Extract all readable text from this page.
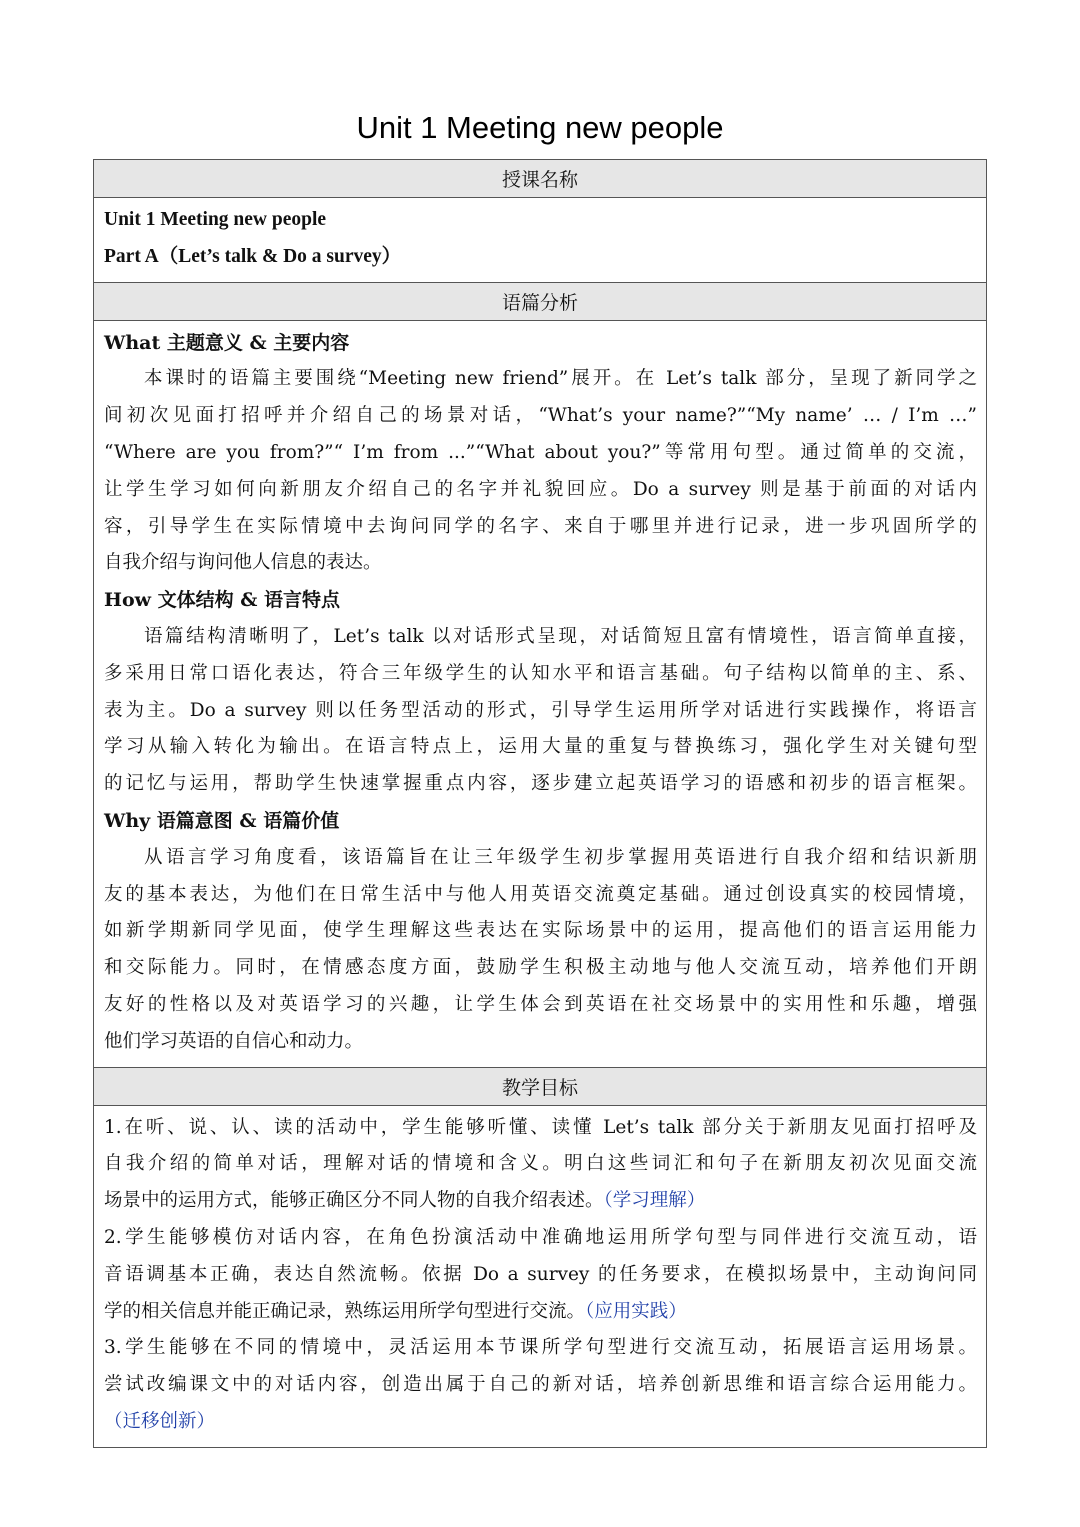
Unit 1 Meeting new people
授课名称

Unit 1 Meeting new people
Part A（Let’s talk & Do a survey）

语篇分析

What 主题意义 & 主要内容
本课时的语篇主要围绕“Meeting new friend”展开。在 Let’s talk 部分，呈现了新同学之
间初次见面打招呼并介绍自己的场景对话，“What’s your name?”“My name’ … / I’m …”
“Where are you from?”“ I’m from ...”“What about you?”等常用句型。通过简单的交流，
让学生学习如何向新朋友介绍自己的名字并礼貌回应。Do a survey 则是基于前面的对话内
容，引导学生在实际情境中去询问同学的名字、来自于哪里并进行记录，进一步巩固所学的
自我介绍与询问他人信息的表达。
How 文体结构 & 语言特点
语篇结构清晰明了，Let’s talk 以对话形式呈现，对话简短且富有情境性，语言简单直接，
多采用日常口语化表达，符合三年级学生的认知水平和语言基础。句子结构以简单的主、系、
表为主。Do a survey 则以任务型活动的形式，引导学生运用所学对话进行实践操作，将语言
学习从输入转化为输出。在语言特点上，运用大量的重复与替换练习，强化学生对关键句型
的记忆与运用，帮助学生快速掌握重点内容，逐步建立起英语学习的语感和初步的语言框架。
Why 语篇意图 & 语篇价值
从语言学习角度看，该语篇旨在让三年级学生初步掌握用英语进行自我介绍和结识新朋
友的基本表达，为他们在日常生活中与他人用英语交流奠定基础。通过创设真实的校园情境，
如新学期新同学见面，使学生理解这些表达在实际场景中的运用，提高他们的语言运用能力
和交际能力。同时，在情感态度方面，鼓励学生积极主动地与他人交流互动，培养他们开朗
友好的性格以及对英语学习的兴趣，让学生体会到英语在社交场景中的实用性和乐趣，增强
他们学习英语的自信心和动力。

教学目标

1.在听、说、认、读的活动中，学生能够听懂、读懂 Let’s talk 部分关于新朋友见面打招呼及
自我介绍的简单对话，理解对话的情境和含义。明白这些词汇和句子在新朋友初次见面交流
场景中的运用方式，能够正确区分不同人物的自我介绍表述。（学习理解）
2.学生能够模仿对话内容，在角色扮演活动中准确地运用所学句型与同伴进行交流互动，语
音语调基本正确，表达自然流畅。依据 Do a survey 的任务要求，在模拟场景中，主动询问同
学的相关信息并能正确记录，熟练运用所学句型进行交流。（应用实践）
3.学生能够在不同的情境中，灵活运用本节课所学句型进行交流互动，拓展语言运用场景。
尝试改编课文中的对话内容，创造出属于自己的新对话，培养创新思维和语言综合运用能力。
（迁移创新）
